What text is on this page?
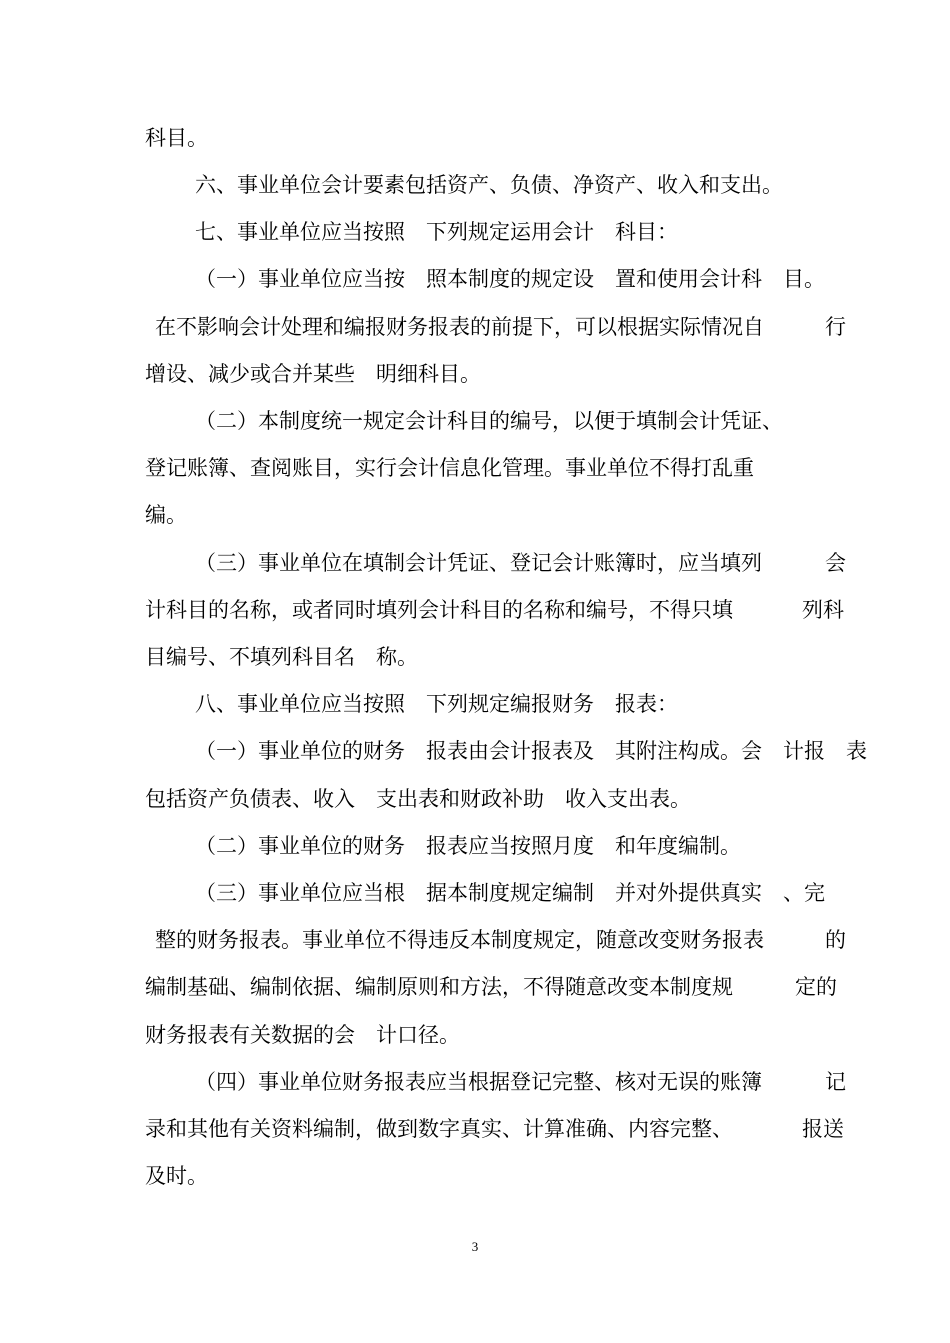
科目。
六、事业单位会计要素包括资产、负债、净资产、收入和支出。
七、事业单位应当按照　下列规定运用会计　科目：
（一）事业单位应当按　照本制度的规定设　置和使用会计科　目。
在不影响会计处理和编报财务报表的前提下，可以根据实际情况自	行
增设、减少或合并某些　明细科目。
（二）本制度统一规定会计科目的编号，以便于填制会计凭证、
登记账簿、查阅账目，实行会计信息化管理。事业单位不得打乱重
编。
（三）事业单位在填制会计凭证、登记会计账簿时，应当填列	会
计科目的名称，或者同时填列会计科目的名称和编号，不得只填	列科
目编号、不填列科目名　称。
八、事业单位应当按照　下列规定编报财务　报表：
（一）事业单位的财务　报表由会计报表及　其附注构成。会　计报　表
包括资产负债表、收入　支出表和财政补助　收入支出表。
（二）事业单位的财务　报表应当按照月度　和年度编制。
（三）事业单位应当根　据本制度规定编制　并对外提供真实　、完
整的财务报表。事业单位不得违反本制度规定，随意改变财务报表	的
编制基础、编制依据、编制原则和方法，不得随意改变本制度规	定的
财务报表有关数据的会　计口径。
（四）事业单位财务报表应当根据登记完整、核对无误的账簿	记
录和其他有关资料编制，做到数字真实、计算准确、内容完整、	报送
及时。
3
